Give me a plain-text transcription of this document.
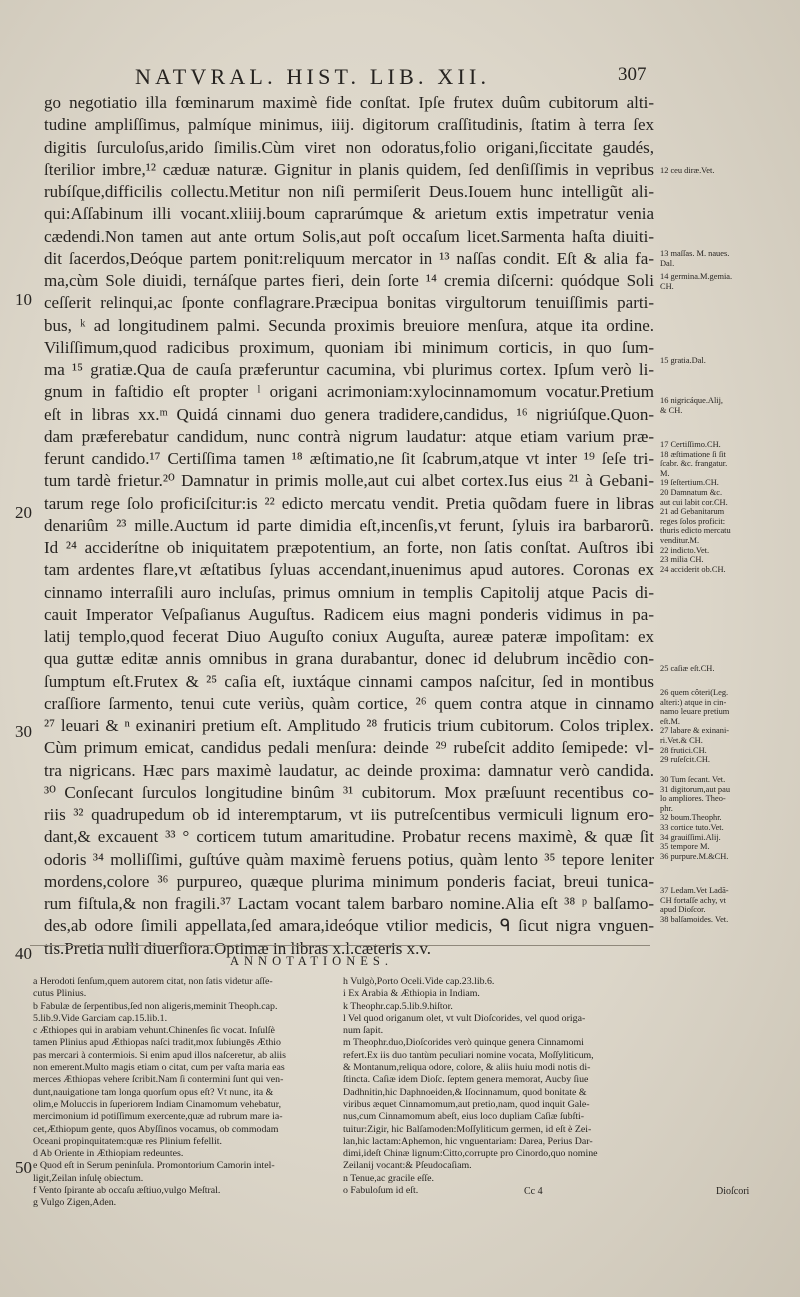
NATVRAL. HIST. LIB. XII.	307
go negotiatio illa fœminarum maximè fide conſtat. Ipſe frutex duûm cubitorum alti-
tudine ampliſſimus, palmíque minimus, iiij. digitorum craſſitudinis, ſtatim à terra ſex
digitis ſurculoſus,arido ſimilis.Cùm viret non odoratus,folio origani,ſiccitate gaudés,
ſterilior imbre,¹² cæduæ naturæ. Gignitur in planis quidem, ſed denſiſſimis in vepribus
rubíſque,difficilis collectu.Metitur non niſi permiſerit Deus.Iouem hunc intelligũt ali-
qui:Aſſabinum illi vocant.xliiij.boum caprarúmque & arietum extis impetratur venia
cædendi.Non tamen aut ante ortum Solis,aut poſt occaſum licet.Sarmenta haſta diuiti-
dit ſacerdos,Deóque partem ponit:reliquum mercator in ¹³ naſſas condit. Eſt & alia fa-
ma,cùm Sole diuidi, ternáſque partes fieri, dein ſorte ¹⁴ cremia diſcerni: quódque Soli
ceſſerit relinqui,ac ſponte conflagrare.Præcipua bonitas virgultorum tenuiſſimis parti-
bus, ᵏ ad longitudinem palmi. Secunda proximis breuiore menſura, atque ita ordine.
Viliſſimum,quod radicibus proximum, quoniam ibi minimum corticis, in quo ſum-
ma ¹⁵ gratiæ.Qua de cauſa præferuntur cacumina, vbi plurimus cortex. Ipſum verò li-
gnum in faſtidio eſt propter ˡ origani acrimoniam:xylocinnamomum vocatur.Pretium
eſt in libras xx.ᵐ Quidá cinnami duo genera tradidere,candidus, ¹⁶ nigriúſque.Quon-
dam præferebatur candidum, nunc contrà nigrum laudatur: atque etiam varium præ-
ferunt candido.¹⁷ Certiſſima tamen ¹⁸ æſtimatio,ne ſit ſcabrum,atque vt inter ¹⁹ ſeſe tri-
tum tardè frietur.²⁰ Damnatur in primis molle,aut cui albet cortex.Ius eius ²¹ à Gebani-
tarum rege ſolo proficiſcitur:is ²² edicto mercatu vendit. Pretia quõdam fuere in libras
denariûm ²³ mille.Auctum id parte dimidia eſt,incenſis,vt ferunt, ſyluis ira barbarorũ.
Id ²⁴ acciderítne ob iniquitatem præpotentium, an forte, non ſatis conſtat. Auſtros ibi
tam ardentes flare,vt æſtatibus ſyluas accendant,inuenimus apud autores. Coronas ex
cinnamo interraſili auro incluſas, primus omnium in templis Capitolij atque Pacis di-
cauit Imperator Veſpaſianus Auguſtus. Radicem eius magni ponderis vidimus in pa-
latij templo,quod fecerat Diuo Auguſto coniux Auguſta, aureæ pateræ impoſitam: ex
qua guttæ editæ annis omnibus in grana durabantur, donec id delubrum incẽdio con-
ſumptum eſt.Frutex & ²⁵ caſia eſt, iuxtáque cinnami campos naſcitur, ſed in montibus
craſſiore ſarmento, tenui cute veriùs, quàm cortice, ²⁶ quem contra atque in cinnamo
²⁷ leuari & ⁿ exinaniri pretium eſt. Amplitudo ²⁸ fruticis trium cubitorum. Colos triplex.
Cùm primum emicat, candidus pedali menſura: deinde ²⁹ rubeſcit addito ſemipede: vl-
tra nigricans. Hæc pars maximè laudatur, ac deinde proxima: damnatur verò candida.
³⁰ Conſecant ſurculos longitudine binûm ³¹ cubitorum. Mox præſuunt recentibus co-
riis ³² quadrupedum ob id interemptarum, vt iis putreſcentibus vermiculi lignum ero-
dant,& excauent ³³ ° corticem tutum amaritudine. Probatur recens maximè, & quæ ſit
odoris ³⁴ molliſſimi, guſtúve quàm maximè feruens potius, quàm lento ³⁵ tepore leniter
mordens,colore ³⁶ purpureo, quæque plurima minimum ponderis faciat, breui tunica-
rum fiſtula,& non fragili.³⁷ Lactam vocant talem barbaro nomine.Alia eſt ³⁸ ᵖ balſamo-
des,ab odore ſimili appellata,ſed amara,ideóque vtilior medicis, ᑫ ſicut nigra vnguen-
tis.Pretia nulli diuerſiora.Optimæ in libras x.l.cæteris x.v.
10
20
30
40
50
12 ceu diræ.Vet.
13 maſſas. M. naues.
Dal.
14 germina.M.gemia.
CH.
15 gratia.Dal.
16 nigricáque.Alij,
& CH.
17 Certiſſimo.CH.
18 æſtimatione ſi ſit
ſcabr. &c. frangatur.
M.
19 ſeſtertium.CH.
20 Damnatum &c.
aut cui labit cor.CH.
21 ad Gebanitarum
reges ſolos proficit:
thuris edicto mercatu
venditur.M.
22 indicto.Vet.
23 milia CH.
24 acciderit ob.CH.
25 caſiæ eſt.CH.
26 quem côteri(Leg.
alteri:) atque in cin-
namo leuare pretium
eſt.M.
27 labare & exinani-
ri.Vet.& CH.
28 frutici.CH.
29 ruſeſcit.CH.
30 Tum ſecant. Vet.
31 digitorum,aut pau
lo ampliores. Theo-
phr.
32 boum.Theophr.
33 cortice tuto.Vet.
34 grauiſſimi.Alij.
35 tempore M.
36 purpure.M.&CH.
37 Ledam.Vet Ladã-
CH fortaſſe achy, vt
apud Dioſcor.
38 balſamoides. Vet.
ANNOTATIONES.
a Herodoti ſenſum,quem autorem citat, non ſatis videtur aſſe-
cutus Plinius.
b Fabulæ de ſerpentibus,ſed non aligeris,meminit Theoph.cap.
5.lib.9.Vide Garciam cap.15.lib.1.
c Æthiopes qui in arabiam vehunt.Chinenſes ſic vocat. Inſulſè
tamen Plinius apud Æthiopas naſci tradit,mox ſubiungēs Æthio
pas mercari à contermiois. Si enim apud illos naſceretur, ab aliis
non emerent.Multo magis etiam o citat, cum per vaſta maria eas
merces Æthiopas vehere ſcribit.Nam ſi contermini ſunt qui ven-
dunt,nauigatione tam longa quorſum opus eſt? Vt nunc, ita &
olim,e Moluccis in ſuperiorem Indiam Cinamomum vehebatur,
mercimonium id potiſſimum exercente,quæ ad rubrum mare ia-
cet,Æthiopum gente, quos Abyſſinos vocamus, ob commodam
Oceani propinquitatem:quæ res Plinium fefellit.
d Ab Oriente in Æthiopiam redeuntes.
e Quod eſt in Serum peninſula. Promontorium Camorin intel-
ligit,Zeilan inſulę obiectum.
f Vento ſpirante ab occaſu æſtiuo,vulgo Meſtral.
g Vulgo Zigen,Aden.
h Vulgò,Porto Oceli.Vide cap.23.lib.6.
i Ex Arabia & Æthiopia in Indiam.
k Theophr.cap.5.lib.9.hiſtor.
l Vel quod origanum olet, vt vult Dioſcorides, vel quod origa-
num ſapit.
m Theophr.duo,Dioſcorides verò quinque genera Cinnamomi
refert.Ex iis duo tantùm peculiari nomine vocata, Moſſyliticum,
& Montanum,reliqua odore, colore, & aliis huiu modi notis di-
ſtincta. Caſiæ idem Dioſc. ſeptem genera memorat, Aucby ſiue
Dadhnitin,hic Daphnoeiden,& Iſocinnamum, quod bonitate &
viribus æquet Cinnamomum,aut pretio,nam, quod inquit Gale-
nus,cum Cinnamomum abeſt, eius loco dupliam Caſiæ ſubſti-
tuitur:Zigir, hic Balſamoden:Moſſyliticum germen, id eſt è Zei-
lan,hic lactam:Aphemon, hic vnguentariam: Darea, Perius Dar-
dimi,ideſt Chinæ lignum:Citto,corrupte pro Cinordo,quo nomine
Zeilanij vocant:& Pſeudocaſiam.
n Tenue,ac gracile eſſe.
o Fabuloſum id eſt.	Cc 4	Dioſcori
